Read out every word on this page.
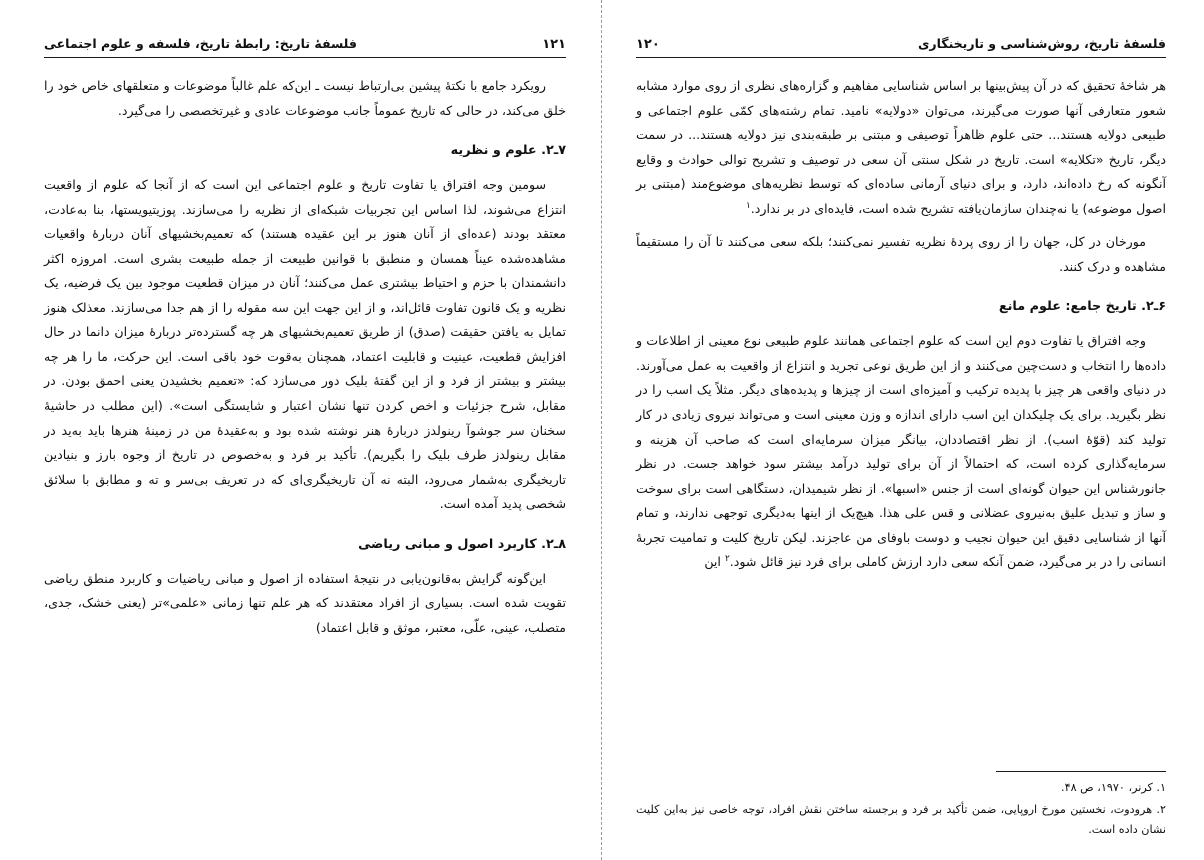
۱۲۱
فلسفۀ تاریخ: رابطۀ تاریخ، فلسفه و علوم اجتماعی

رویکرد جامع با نکتۀ پیشین بی‌ارتباط نیست ـ این‌که علم غالباً موضوعات و متعلقهای خاص خود را خلق می‌کند، در حالی که تاریخ عموماً جانب موضوعات عادی و غیر‌تخصصی را می‌گیرد.

۷ـ۲. علوم و نظریه

سومین وجه افتراق یا تفاوت تاریخ و علوم اجتماعی این است که از آنجا که علوم از واقعیت انتزاع می‌شوند، لذا اساس این تجربیات شبکه‌ای از نظریه را می‌سازند. پوزیتیویستها، بنا به‌عادت، معتقد بودند (عده‌ای از آنان هنوز بر این عقیده هستند) که تعمیم‌بخشیهای آنان دربارۀ واقعیات مشاهده‌شده عیناً همسان و منطبق با قوانین طبیعت از جمله طبیعت بشری است. امروزه اکثر دانشمندان با حزم و احتیاط بیشتری عمل می‌کنند؛ آنان در میزان قطعیت موجود بین یک فرضیه، یک نظریه و یک قانون تفاوت قائل‌اند، و از این جهت این سه مقوله را از هم جدا می‌سازند. معذلک هنوز تمایل به یافتن حقیقت (صدق) از طریق تعمیم‌بخشیهای هر چه گسترده‌تر دربارۀ میزان دانما در حال افزایش قطعیت، عینیت و قابلیت اعتماد، همچنان به‌قوت خود باقی است. این حرکت، ما را هر چه بیشتر و بیشتر از فرد و از این گفتۀ بلیک دور می‌سازد که: «تعمیم بخشیدن یعنی احمق بودن. در مقابل، شرح جزئیات و اخص کردن تنها نشان اعتبار و شایستگی است». (این مطلب در حاشیۀ سخنان سر جوشوآ رینولدز دربارۀ هنر نوشته شده بود و به‌عقیدۀ من در زمینۀ هنرها باید به‌ید در مقابل رینولدز طرف بلیک را بگیریم). تأکید بر فرد و به‌خصوص در تاریخ از وجوه بارز و بنیادین تاریخیگری به‌شمار می‌رود، البته نه آن تاریخیگری‌ای که در تعریف بی‌سر و ته و مطابق با سلائق شخصی پدید آمده است.

۸ـ۲. کاربرد اصول و مبانی ریاضی

این‌گونه گرایش به‌قانون‌یابی در نتیجۀ استفاده از اصول و مبانی ریاضیات و کاربرد منطق ریاضی تقویت شده است. بسیاری از افراد معتقدند که هر علم تنها زمانی «علمی»تر (یعنی خشک، جدی، متصلب، عینی، علّی، معتبر، موثق و قابل اعتماد)

فلسفۀ تاریخ، روش‌شناسی و تاریخنگاری
۱۲۰

هر شاخۀ تحقیق که در آن پیش‌بینها بر اساس شناسایی مفاهیم و گزاره‌های نظری از روی موارد مشابه شعور متعارفی آنها صورت می‌گیرند، می‌توان «دولایه» نامید. تمام رشته‌های کمّی علوم اجتماعی و طبیعی دولایه هستند... حتی علوم ظاهراً توصیفی و مبتنی بر طبقه‌بندی نیز دولایه هستند... در سمت دیگر، تاریخ «تکلایه» است. تاریخ در شکل سنتی آن سعی در توصیف و تشریح توالی حوادث و وقایع آنگونه که رخ داده‌اند، دارد، و برای دنیای آرمانی ساده‌ای که توسط نظریه‌های موضوع‌مند (مبتنی بر اصول موضوعه) یا نه‌چندان سازمان‌یافته تشریح شده است، فایده‌ای در بر ندارد.$^۱$

مورخان در کل، جهان را از روی پردۀ نظریه تفسیر نمی‌کنند؛ بلکه سعی می‌کنند تا آن را مستقیماً مشاهده و درک کنند.

۶ـ۲. تاریخ جامع: علوم مانع

وجه افتراق یا تفاوت دوم این است که علوم اجتماعی همانند علوم طبیعی نوع معینی از اطلاعات و داده‌ها را انتخاب و دست‌چین می‌کنند و از این طریق نوعی تجرید و انتزاع از واقعیت به عمل می‌آورند. در دنیای واقعی هر چیز با پدیده ترکیب و آمیزه‌ای است از چیزها و پدیده‌های دیگر. مثلاً یک اسب را در نظر بگیرید. برای یک چلیکدان این اسب دارای اندازه و وزن معینی است و می‌تواند نیروی زیادی در کار تولید کند (قوّۀ اسب). از نظر اقتصاددان، بیانگر میزان سرمایه‌ای است که صاحب آن هزینه و سرمایه‌گذاری کرده است، که احتمالاً از آن برای تولید درآمد بیشتر سود خواهد جست. در نظر جانورشناس این حیوان گونه‌ای است از جنس «اسبها». از نظر شیمیدان، دستگاهی است برای سوخت و ساز و تبدیل علیق به‌نیروی عضلانی و قس علی هذا. هیچ‌یک از اینها به‌دیگری توجهی ندارند، و تمام آنها از شناسایی دقیق این حیوان نجیب و دوست باوفای من عاجزند. لیکن تاریخ کلیت و تمامیت تجربۀ انسانی را در بر می‌گیرد، ضمن آنکه سعی دارد ارزش کاملی برای فرد نیز قائل شود.$^۲$ این

۱. کرنر، ۱۹۷۰، ص ۴۸.
۲. هرودوت، نخستین مورخ اروپایی، ضمن تأکید بر فرد و برجسته ساختن نقش افراد، توجه خاصی نیز به‌این کلیت نشان داده است.
